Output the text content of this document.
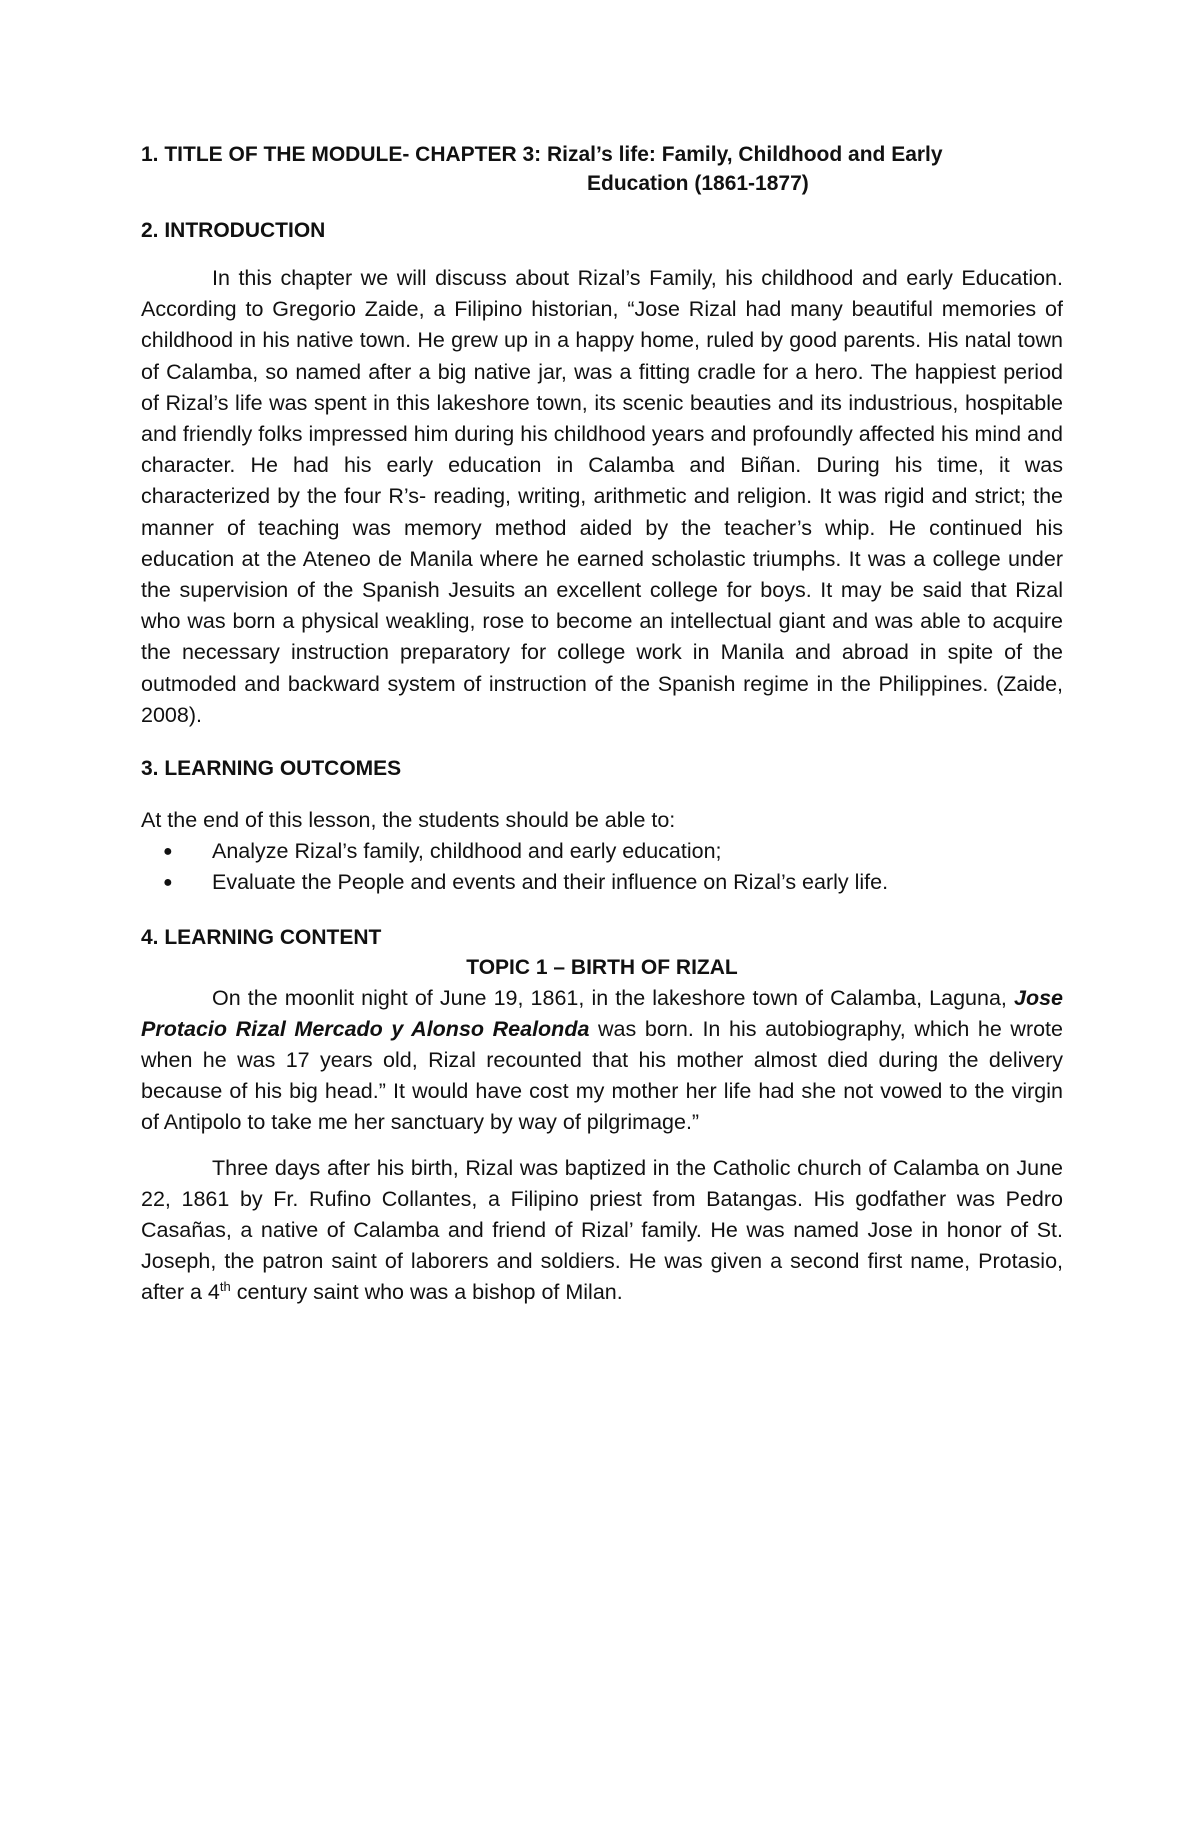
1. TITLE OF THE MODULE- CHAPTER 3: Rizal’s life: Family, Childhood and Early
Education (1861-1877)
2. INTRODUCTION

In this chapter we will discuss about Rizal’s Family, his childhood and early Education. According to Gregorio Zaide, a Filipino historian, “Jose Rizal had many beautiful memories of childhood in his native town. He grew up in a happy home, ruled by good parents. His natal town of Calamba, so named after a big native jar, was a fitting cradle for a hero. The happiest period of Rizal’s life was spent in this lakeshore town, its scenic beauties and its industrious, hospitable and friendly folks impressed him during his childhood years and profoundly affected his mind and character. He had his early education in Calamba and Biñan. During his time, it was characterized by the four R’s- reading, writing, arithmetic and religion. It was rigid and strict; the manner of teaching was memory method aided by the teacher’s whip. He continued his education at the Ateneo de Manila where he earned scholastic triumphs. It was a college under the supervision of the Spanish Jesuits an excellent college for boys. It may be said that Rizal who was born a physical weakling, rose to become an intellectual giant and was able to acquire the necessary instruction preparatory for college work in Manila and abroad in spite of the outmoded and backward system of instruction of the Spanish regime in the Philippines. (Zaide, 2008).

3. LEARNING OUTCOMES

At the end of this lesson, the students should be able to:

● Analyze Rizal’s family, childhood and early education;
● Evaluate the People and events and their influence on Rizal’s early life.
4. LEARNING CONTENT
TOPIC 1 – BIRTH OF RIZAL

On the moonlit night of June 19, 1861, in the lakeshore town of Calamba, Laguna, Jose Protacio Rizal Mercado y Alonso Realonda was born. In his autobiography, which he wrote when he was 17 years old, Rizal recounted that his mother almost died during the delivery because of his big head.” It would have cost my mother her life had she not vowed to the virgin of Antipolo to take me her sanctuary by way of pilgrimage.”

Three days after his birth, Rizal was baptized in the Catholic church of Calamba on June 22, 1861 by Fr. Rufino Collantes, a Filipino priest from Batangas. His godfather was Pedro Casañas, a native of Calamba and friend of Rizal’ family. He was named Jose in honor of St. Joseph, the patron saint of laborers and soldiers. He was given a second first name, Protasio, after a 4th century saint who was a bishop of Milan.
